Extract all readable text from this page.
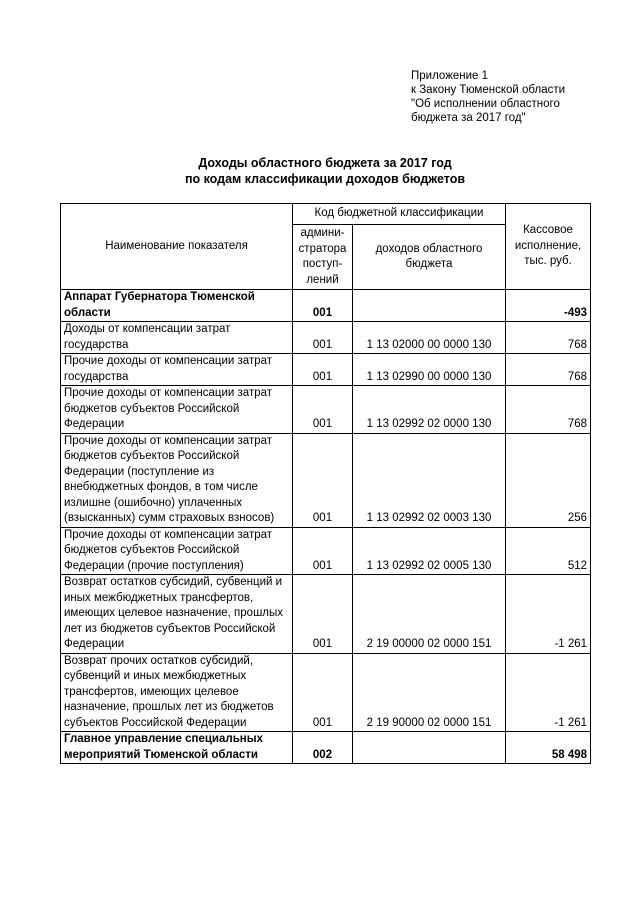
Приложение 1
к Закону Тюменской области
"Об исполнении областного
бюджета за 2017 год"
Доходы областного бюджета за 2017 год
по кодам классификации доходов бюджетов
Наименование показателя	Код бюджетной классификации		Кассовое исполнение, тыс. руб.
	админи-стратора поступ-лений	доходов областного бюджета	
Аппарат Губернатора Тюменской области	001		-493
Доходы от компенсации затрат государства	001	1 13 02000 00 0000 130	768
Прочие доходы от компенсации затрат государства	001	1 13 02990 00 0000 130	768
Прочие доходы от компенсации затрат бюджетов субъектов Российской Федерации	001	1 13 02992 02 0000 130	768
Прочие доходы от компенсации затрат бюджетов субъектов Российской Федерации (поступление из внебюджетных фондов, в том числе излишне (ошибочно) уплаченных (взысканных) сумм страховых взносов)	001	1 13 02992 02 0003 130	256
Прочие доходы от компенсации затрат бюджетов субъектов Российской Федерации (прочие поступления)	001	1 13 02992 02 0005 130	512
Возврат остатков субсидий, субвенций и иных межбюджетных трансфертов, имеющих целевое назначение, прошлых лет из бюджетов субъектов Российской Федерации	001	2 19 00000 02 0000 151	-1 261
Возврат прочих остатков субсидий, субвенций и иных межбюджетных трансфертов, имеющих целевое назначение, прошлых лет из бюджетов субъектов Российской Федерации	001	2 19 90000 02 0000 151	-1 261
Главное управление специальных мероприятий Тюменской области	002		58 498
